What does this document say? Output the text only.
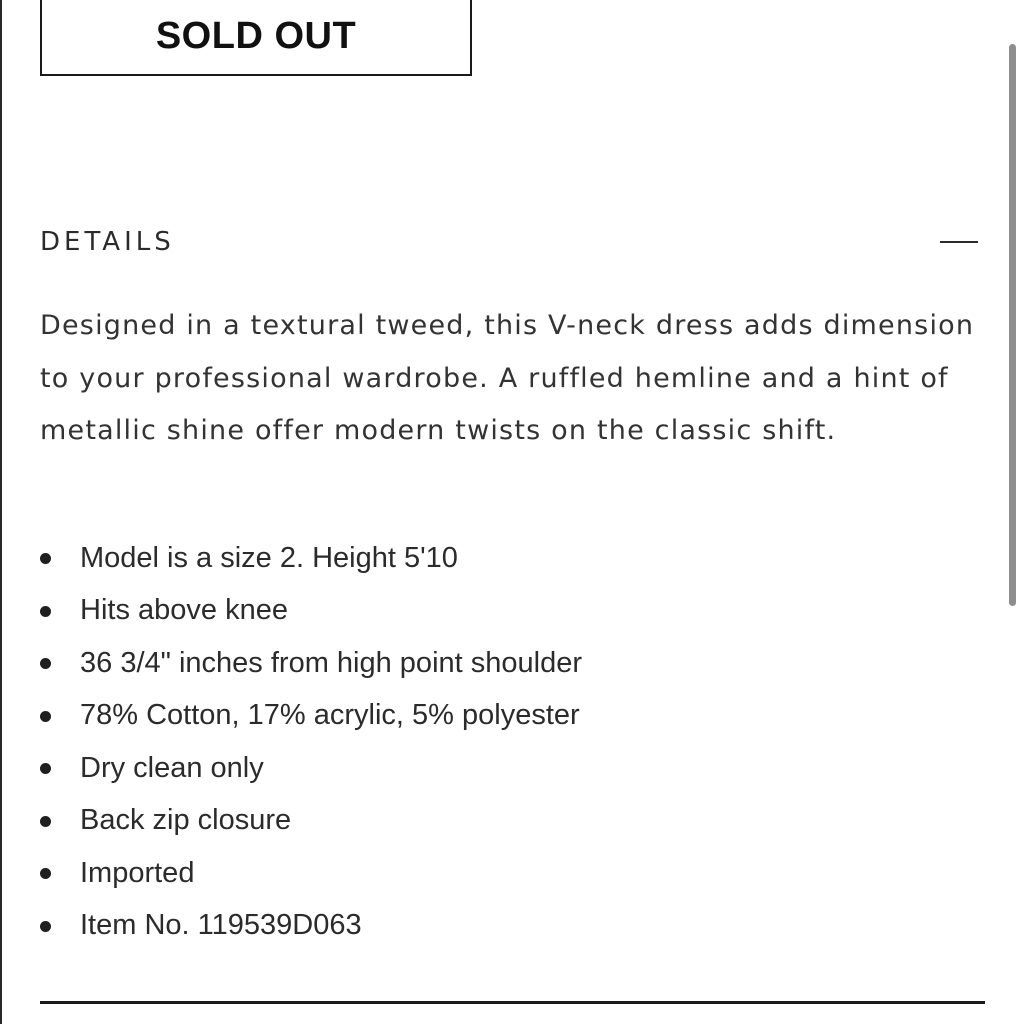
SOLD OUT
DETAILS

Designed in a textural tweed, this V-neck dress adds dimension to your professional wardrobe. A ruffled hemline and a hint of metallic shine offer modern twists on the classic shift.

Model is a size 2. Height 5'10
Hits above knee
36 3/4" inches from high point shoulder
78% Cotton, 17% acrylic, 5% polyester
Dry clean only
Back zip closure
Imported
Item No. 119539D063
